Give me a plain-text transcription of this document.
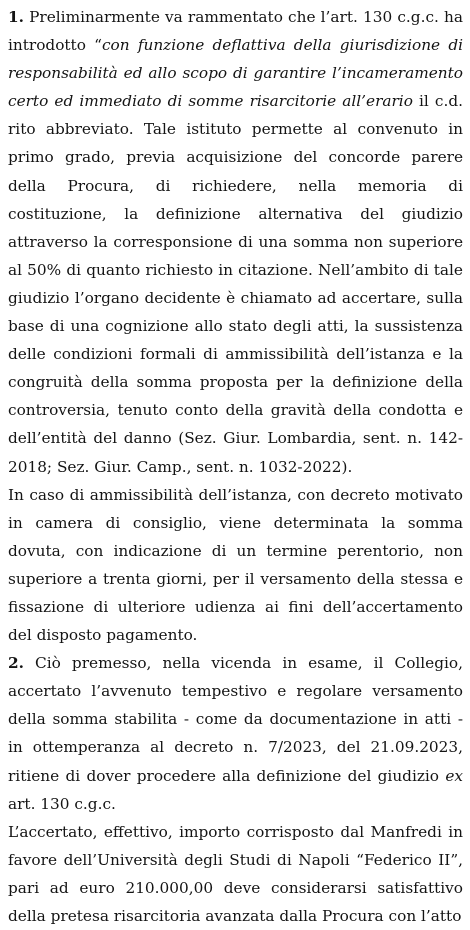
1. Preliminarmente va rammentato che l’art. 130 c.g.c. ha introdotto “con funzione deflattiva della giurisdizione di responsabilità ed allo scopo di garantire l’incameramento certo ed immediato di somme risarcitorie all’erario il c.d. rito abbreviato. Tale istituto permette al convenuto in primo grado, previa acquisizione del concorde parere della Procura, di richiedere, nella memoria di costituzione, la definizione alternativa del giudizio attraverso la corresponsione di una somma non superiore al 50% di quanto richiesto in citazione. Nell’ambito di tale giudizio l’organo decidente è chiamato ad accertare, sulla base di una cognizione allo stato degli atti, la sussistenza delle condizioni formali di ammissibilità dell’istanza e la congruità della somma proposta per la definizione della controversia, tenuto conto della gravità della condotta e dell’entità del danno (Sez. Giur. Lombardia, sent. n. 142-2018; Sez. Giur. Camp., sent. n. 1032-2022).

In caso di ammissibilità dell’istanza, con decreto motivato in camera di consiglio, viene determinata la somma dovuta, con indicazione di un termine perentorio, non superiore a trenta giorni, per il versamento della stessa e fissazione di ulteriore udienza ai fini dell’accertamento del disposto pagamento.

2. Ciò premesso, nella vicenda in esame, il Collegio, accertato l’avvenuto tempestivo e regolare versamento della somma stabilita - come da documentazione in atti - in ottemperanza al decreto n. 7/2023, del 21.09.2023, ritiene di dover procedere alla definizione del giudizio ex art. 130 c.g.c.

L’accertato, effettivo, importo corrisposto dal Manfredi in favore dell’Università degli Studi di Napoli “Federico II”, pari ad euro 210.000,00 deve considerarsi satisfattivo della pretesa risarcitoria avanzata dalla Procura con l’atto
